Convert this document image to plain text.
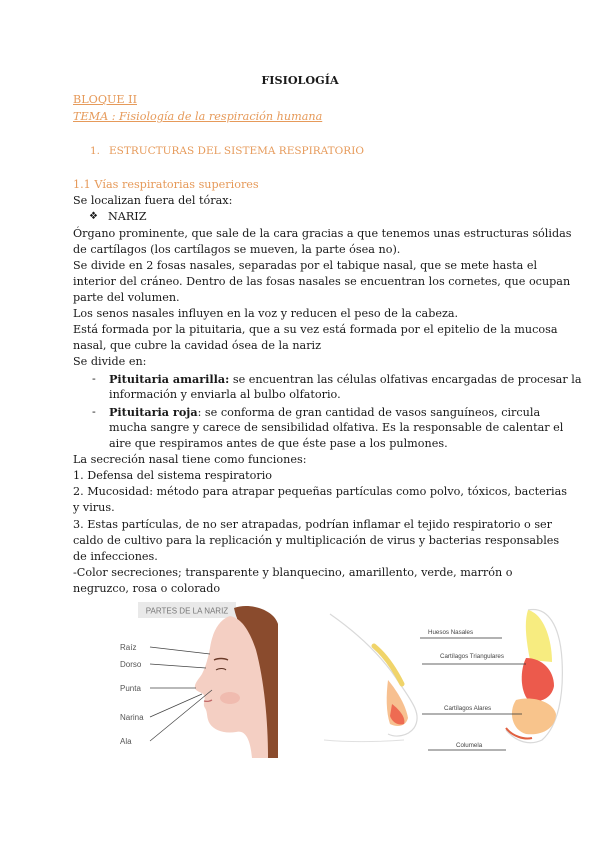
FISIOLOGÍA
BLOQUE II
TEMA : Fisiología de la respiración humana
1. ESTRUCTURAS DEL SISTEMA RESPIRATORIO
1.1 Vías respiratorias superiores
Se localizan fuera del tórax:
❖ NARIZ
Órgano prominente, que sale de la cara gracias a que tenemos unas estructuras sólidas
de cartílagos (los cartílagos se mueven, la parte ósea no).
Se divide en 2 fosas nasales, separadas por el tabique nasal, que se mete hasta el
interior del cráneo. Dentro de las fosas nasales se encuentran los cornetes, que ocupan
parte del volumen.
Los senos nasales influyen en la voz y reducen el peso de la cabeza.
Está formada por la pituitaria, que a su vez está formada por el epitelio de la mucosa
nasal, que cubre la cavidad ósea de la nariz
Se divide en:
- Pituitaria amarilla: se encuentran las células olfativas encargadas de procesar la
información y enviarla al bulbo olfatorio.
- Pituitaria roja: se conforma de gran cantidad de vasos sanguíneos, circula
mucha sangre y carece de sensibilidad olfativa. Es la responsable de calentar el
aire que respiramos antes de que éste pase a los pulmones.
La secreción nasal tiene como funciones:
1. Defensa del sistema respiratorio
2. Mucosidad: método para atrapar pequeñas partículas como polvo, tóxicos, bacterias
y virus.
3. Estas partículas, de no ser atrapadas, podrían inflamar el tejido respiratorio o ser
caldo de cultivo para la replicación y multiplicación de virus y bacterias responsables
de infecciones.
-Color secreciones; transparente y blanquecino, amarillento, verde, marrón o
negruzco, rosa o colorado
PARTES DE LA NARIZ
Raíz
Dorso
Punta
Narina
Ala
Huesos Nasales
Cartílagos Triangulares
Cartílagos Alares
Columela
